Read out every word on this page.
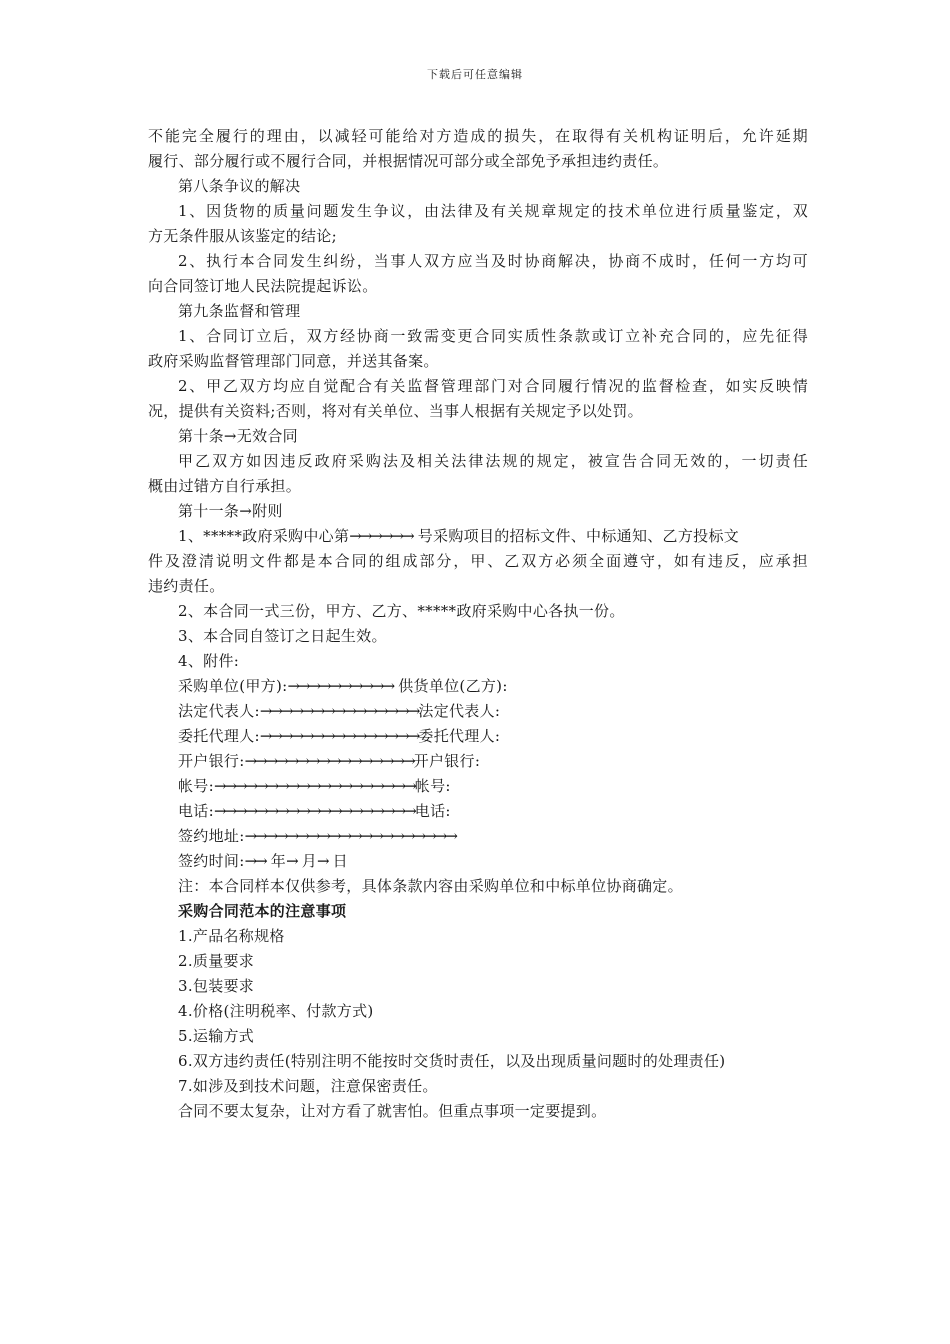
下载后可任意编辑
不能完全履行的理由，以减轻可能给对方造成的损失，在取得有关机构证明后，允许延期
履行、部分履行或不履行合同，并根据情况可部分或全部免予承担违约责任。
第八条争议的解决
1、因货物的质量问题发生争议，由法律及有关规章规定的技术单位进行质量鉴定，双
方无条件服从该鉴定的结论;
2、执行本合同发生纠纷，当事人双方应当及时协商解决，协商不成时，任何一方均可
向合同签订地人民法院提起诉讼。
第九条监督和管理
1、合同订立后，双方经协商一致需变更合同实质性条款或订立补充合同的，应先征得
政府采购监督管理部门同意，并送其备案。
2、甲乙双方均应自觉配合有关监督管理部门对合同履行情况的监督检查，如实反映情
况，提供有关资料;否则，将对有关单位、当事人根据有关规定予以处罚。
第十条→无效合同
甲乙双方如因违反政府采购法及相关法律法规的规定，被宣告合同无效的，一切责任
概由过错方自行承担。
第十一条→附则
1、*****政府采购中心第→→→→→→ 号采购项目的招标文件、中标通知、乙方投标文
件及澄清说明文件都是本合同的组成部分，甲、乙双方必须全面遵守，如有违反，应承担
违约责任。
2、本合同一式三份，甲方、乙方、*****政府采购中心各执一份。
3、本合同自签订之日起生效。
4、附件:
采购单位(甲方):→→→→→→→→→→ 供货单位(乙方):
法定代表人:→→→→→→→→→→→→→→→法定代表人:
委托代理人:→→→→→→→→→→→→→→→委托代理人:
开户银行:→→→→→→→→→→→→→→→→开户银行:
帐号:→→→→→→→→→→→→→→→→→→→帐号:
电话:→→→→→→→→→→→→→→→→→→→电话:
签约地址:→→→→→→→→→→→→→→→→→→→→
签约时间:→→ 年→ 月→ 日
注：本合同样本仅供参考，具体条款内容由采购单位和中标单位协商确定。
采购合同范本的注意事项
1.产品名称规格
2.质量要求
3.包装要求
4.价格(注明税率、付款方式)
5.运输方式
6.双方违约责任(特别注明不能按时交货时责任，以及出现质量问题时的处理责任)
7.如涉及到技术问题，注意保密责任。
合同不要太复杂，让对方看了就害怕。但重点事项一定要提到。
